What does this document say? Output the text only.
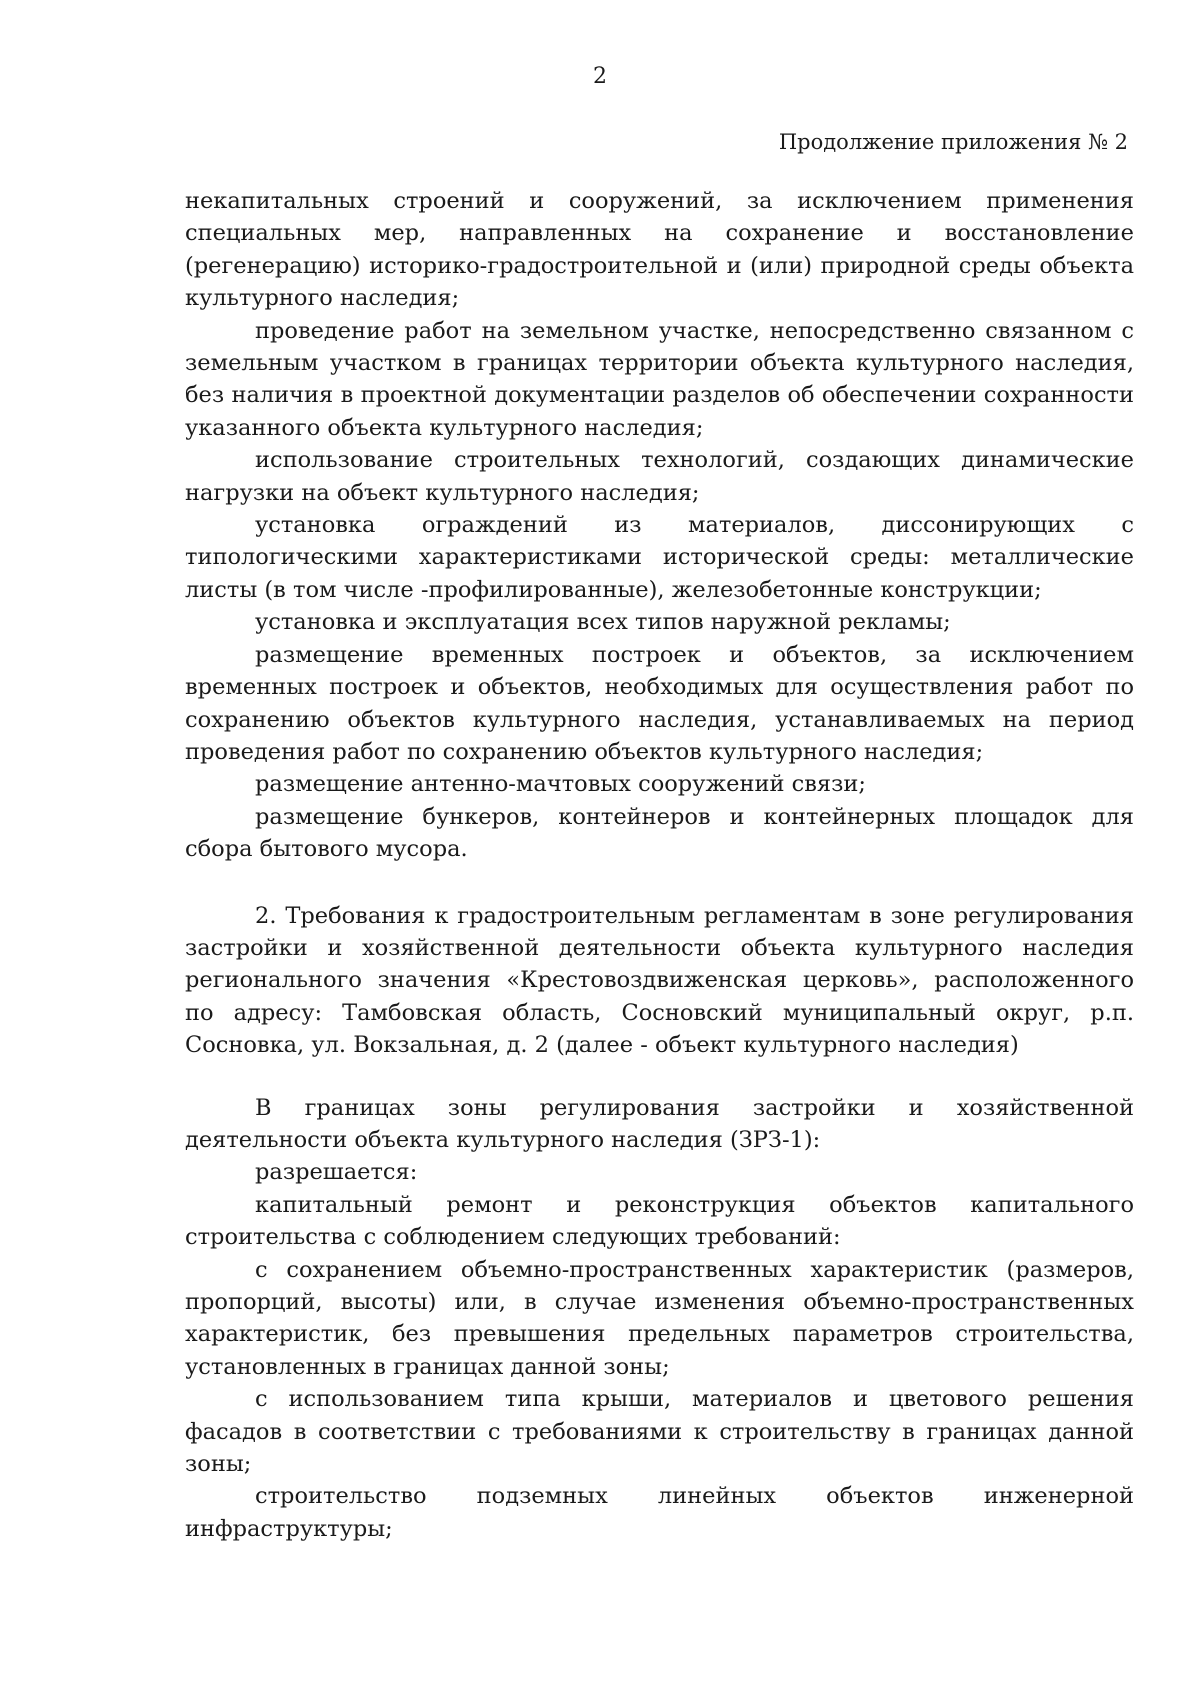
2
Продолжение приложения № 2

некапитальных строений и сооружений, за исключением применения специальных мер, направленных на сохранение и восстановление (регенерацию) историко-градостроительной и (или) природной среды объекта культурного наследия;

проведение работ на земельном участке, непосредственно связанном с земельным участком в границах территории объекта культурного наследия, без наличия в проектной документации разделов об обеспечении сохранности указанного объекта культурного наследия;

использование строительных технологий, создающих динамические нагрузки на объект культурного наследия;

установка ограждений из материалов, диссонирующих с типологическими характеристиками исторической среды: металлические листы (в том числе -профилированные), железобетонные конструкции;

установка и эксплуатация всех типов наружной рекламы;

размещение временных построек и объектов, за исключением временных построек и объектов, необходимых для осуществления работ по сохранению объектов культурного наследия, устанавливаемых на период проведения работ по сохранению объектов культурного наследия;

размещение антенно-мачтовых сооружений связи;

размещение бункеров, контейнеров и контейнерных площадок для сбора бытового мусора.

2. Требования к градостроительным регламентам в зоне регулирования застройки и хозяйственной деятельности объекта культурного наследия регионального значения «Крестовоздвиженская церковь», расположенного по адресу: Тамбовская область, Сосновский муниципальный округ, р.п. Сосновка, ул. Вокзальная, д. 2 (далее - объект культурного наследия)

В границах зоны регулирования застройки и хозяйственной деятельности объекта культурного наследия (ЗРЗ-1):

разрешается:

капитальный ремонт и реконструкция объектов капитального строительства с соблюдением следующих требований:

с сохранением объемно-пространственных характеристик (размеров, пропорций, высоты) или, в случае изменения объемно-пространственных характеристик, без превышения предельных параметров строительства, установленных в границах данной зоны;

с использованием типа крыши, материалов и цветового решения фасадов в соответствии с требованиями к строительству в границах данной зоны;

строительство подземных линейных объектов инженерной инфраструктуры;
